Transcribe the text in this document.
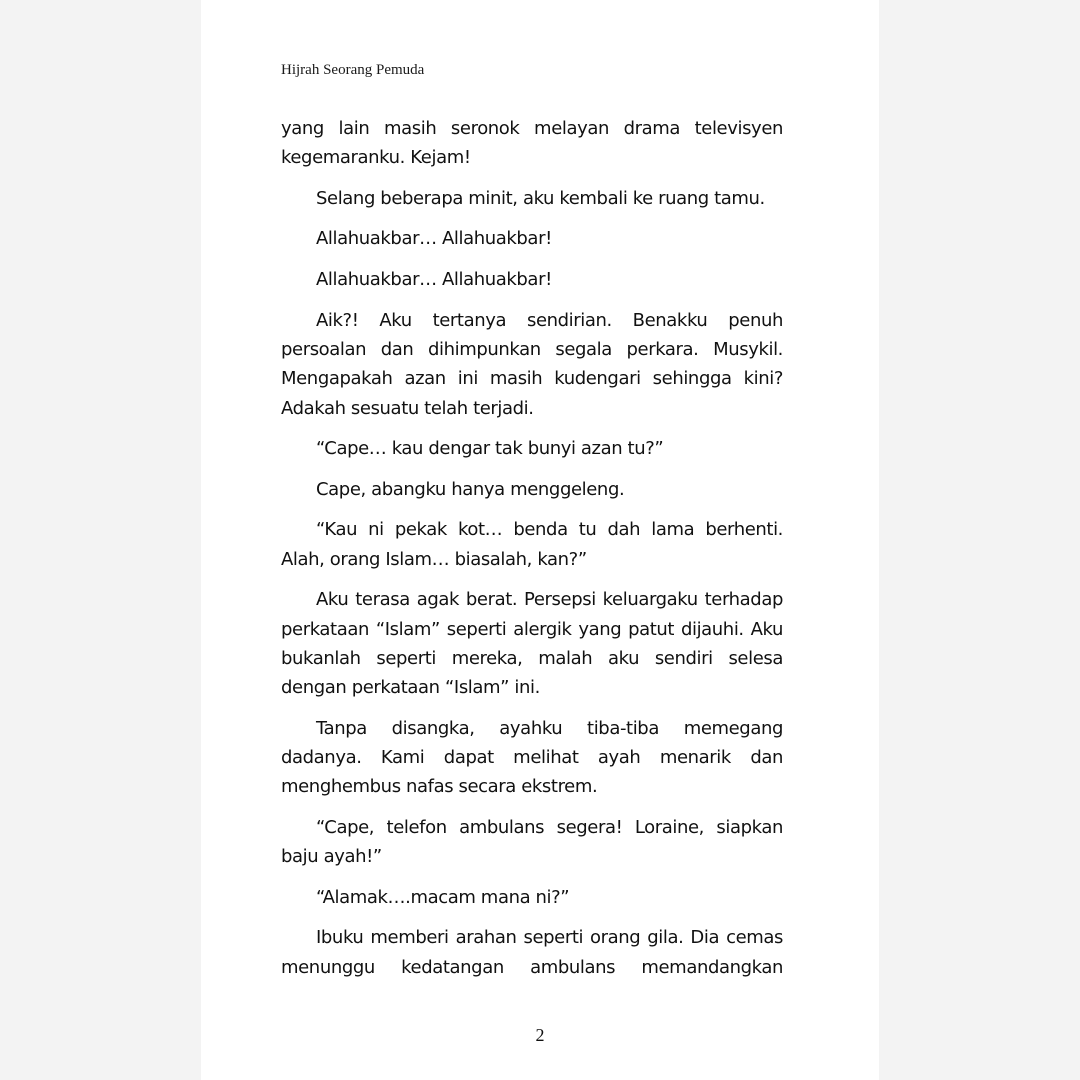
Hijrah Seorang Pemuda

yang lain masih seronok melayan drama televisyen kegemaranku. Kejam!

Selang beberapa minit, aku kembali ke ruang tamu.

Allahuakbar… Allahuakbar!

Allahuakbar… Allahuakbar!

Aik?! Aku tertanya sendirian. Benakku penuh persoalan dan dihimpunkan segala perkara. Musykil. Mengapakah azan ini masih kudengari sehingga kini? Adakah sesuatu telah terjadi.

“Cape… kau dengar tak bunyi azan tu?”

Cape, abangku hanya menggeleng.

“Kau ni pekak kot… benda tu dah lama berhenti. Alah, orang Islam… biasalah, kan?”

Aku terasa agak berat. Persepsi keluargaku terhadap perkataan “Islam” seperti alergik yang patut dijauhi. Aku bukanlah seperti mereka, malah aku sendiri selesa dengan perkataan “Islam” ini.

Tanpa disangka, ayahku tiba-tiba memegang dadanya. Kami dapat melihat ayah menarik dan menghembus nafas secara ekstrem.

“Cape, telefon ambulans segera! Loraine, siapkan baju ayah!”

“Alamak….macam mana ni?”

Ibuku memberi arahan seperti orang gila. Dia cemas menunggu kedatangan ambulans memandangkan

2
